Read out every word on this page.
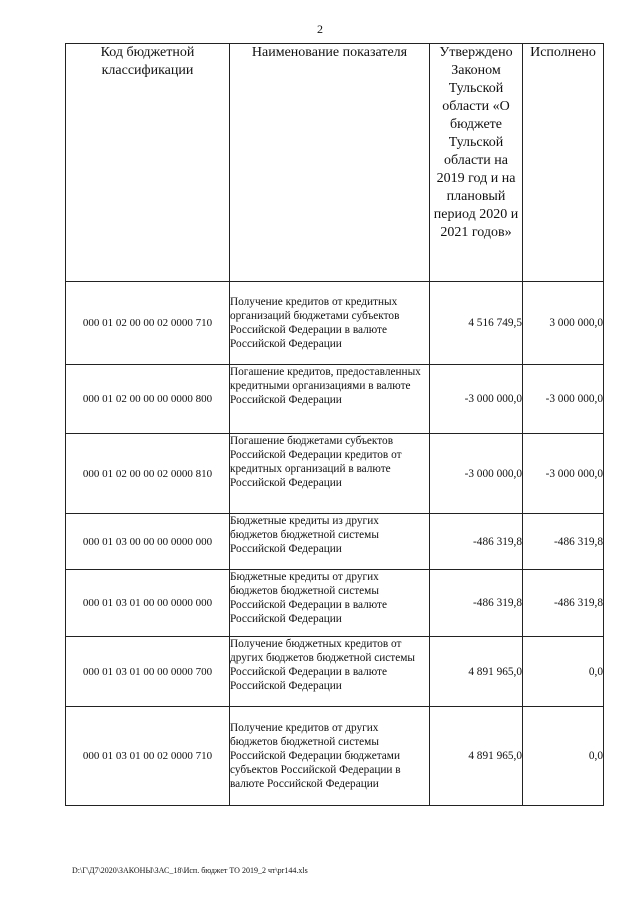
2
Код бюджетной классификации	Наименование показателя	Утверждено Законом Тульской области «О бюджете Тульской области на 2019 год и на плановый период 2020 и 2021 годов»	Исполнено
000 01 02 00 00 02 0000 710	Получение кредитов от кредитных организаций бюджетами субъектов Российской Федерации в валюте Российской Федерации	4 516 749,5	3 000 000,0
000 01 02 00 00 00 0000 800	Погашение кредитов, предоставленных кредитными организациями в валюте Российской Федерации	-3 000 000,0	-3 000 000,0
000 01 02 00 00 02 0000 810	Погашение бюджетами субъектов Российской Федерации кредитов от кредитных организаций в валюте Российской Федерации	-3 000 000,0	-3 000 000,0
000 01 03 00 00 00 0000 000	Бюджетные кредиты из других бюджетов бюджетной системы Российской Федерации	-486 319,8	-486 319,8
000 01 03 01 00 00 0000 000	Бюджетные кредиты от других бюджетов бюджетной системы Российской Федерации в валюте Российской Федерации	-486 319,8	-486 319,8
000 01 03 01 00 00 0000 700	Получение бюджетных кредитов от других бюджетов бюджетной системы Российской Федерации в валюте Российской Федерации	4 891 965,0	0,0
000 01 03 01 00 02 0000 710	Получение кредитов от других бюджетов бюджетной системы Российской Федерации бюджетами субъектов Российской Федерации в валюте Российской Федерации	4 891 965,0	0,0
D:\Г\Д7\2020\ЗАКОНЫ\ЗАС_18\Исп. бюджет ТО 2019_2 чт\pr144.xls
